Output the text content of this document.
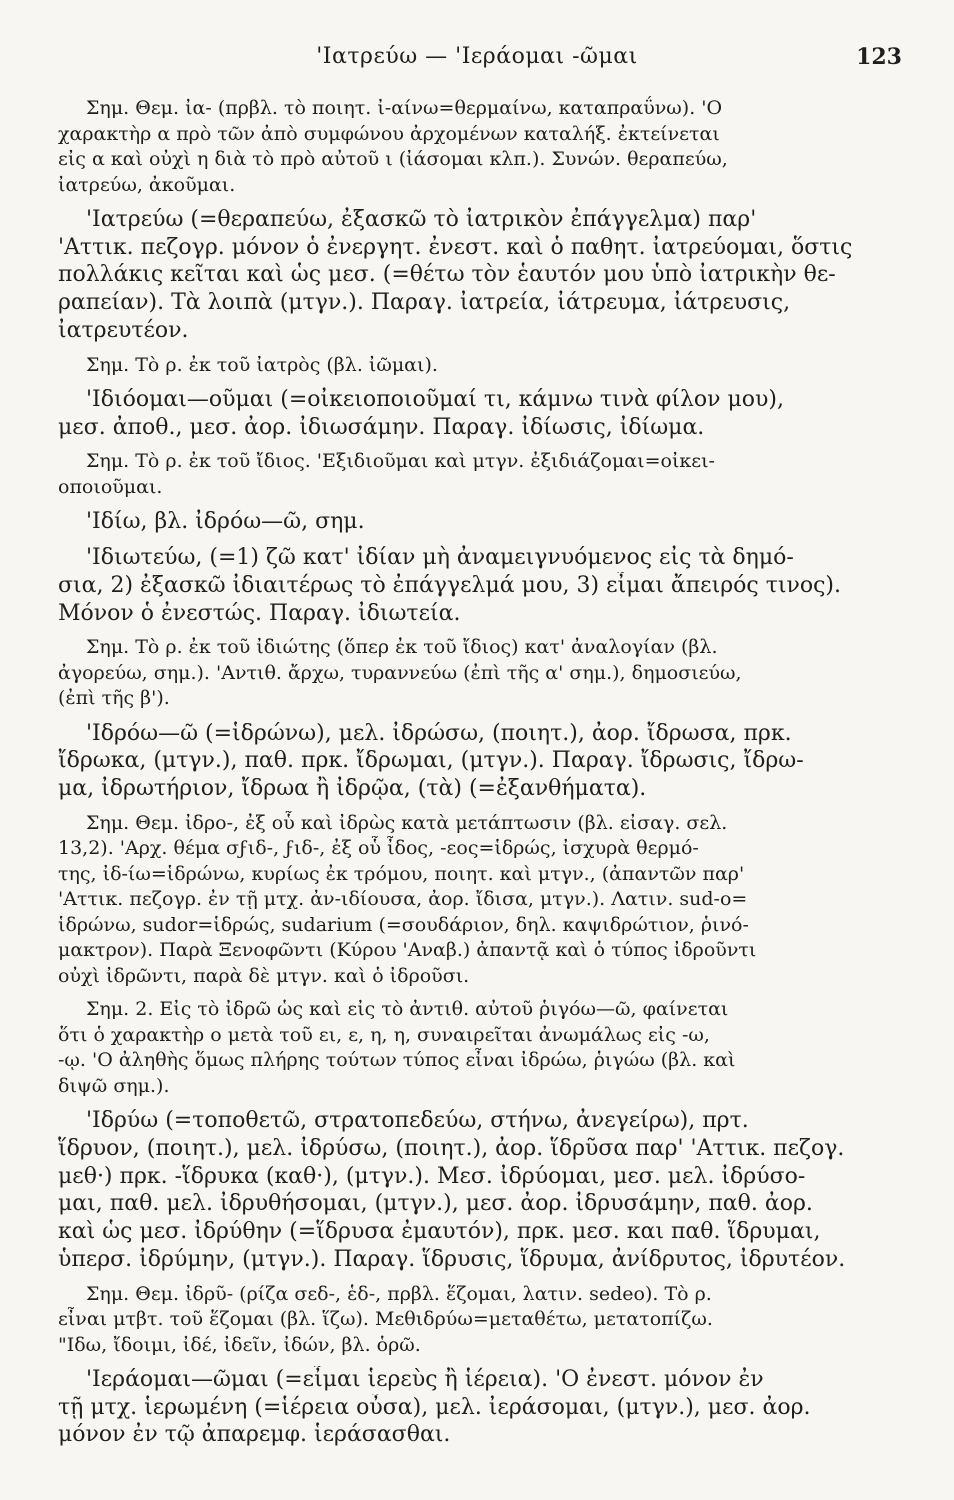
'Ιατρεύω — 'Ιεράομαι -ῶμαι	123
Σημ. Θεμ. ἰα- (πρβλ. τὸ ποιητ. ἰ-αίνω=θερμαίνω, καταπραΰνω). 'Ο
χαρακτὴρ α πρὸ τῶν ἀπὸ συμφώνου ἀρχομένων καταλήξ. ἐκτείνεται
εἰς α καὶ οὐχὶ η διὰ τὸ πρὸ αὐτοῦ ι (ἰάσομαι κλπ.). Συνών. θεραπεύω,
ἰατρεύω, ἀκοῦμαι.
'Ιατρεύω (=θεραπεύω, ἐξασκῶ τὸ ἰατρικὸν ἐπάγγελμα) παρ'
'Αττικ. πεζογρ. μόνον ὁ ἐνεργητ. ἐνεστ. καὶ ὁ παθητ. ἰατρεύομαι, ὅστις
πολλάκις κεῖται καὶ ὡς μεσ. (=θέτω τὸν ἑαυτόν μου ὑπὸ ἰατρικὴν θε-
ραπείαν). Τὰ λοιπὰ (μτγν.). Παραγ. ἰατρεία, ἰάτρευμα, ἰάτρευσις,
ἰατρευτέον.
Σημ. Τὸ ρ. ἐκ τοῦ ἰατρὸς (βλ. ἰῶμαι).
'Ιδιόομαι—οῦμαι (=οἰκειοποιοῦμαί τι, κάμνω τινὰ φίλον μου),
μεσ. ἀποθ., μεσ. ἀορ. ἰδιωσάμην. Παραγ. ἰδίωσις, ἰδίωμα.
Σημ. Τὸ ρ. ἐκ τοῦ ἴδιος. 'Εξιδιοῦμαι καὶ μτγν. ἐξιδιάζομαι=οἰκει-
οποιοῦμαι.
'Ιδίω, βλ. ἰδρόω—ῶ, σημ.
'Ιδιωτεύω, (=1) ζῶ κατ' ἰδίαν μὴ ἀναμειγνυόμενος εἰς τὰ δημό-
σια, 2) ἐξασκῶ ἰδιαιτέρως τὸ ἐπάγγελμά μου, 3) εἶμαι ἄπειρός τινος).
Μόνον ὁ ἐνεστώς. Παραγ. ἰδιωτεία.
Σημ. Τὸ ρ. ἐκ τοῦ ἰδιώτης (ὅπερ ἐκ τοῦ ἴδιος) κατ' ἀναλογίαν (βλ.
ἀγορεύω, σημ.). 'Αντιθ. ἄρχω, τυραννεύω (ἐπὶ τῆς α' σημ.), δημοσιεύω,
(ἐπὶ τῆς β').
'Ιδρόω—ῶ (=ἱδρώνω), μελ. ἰδρώσω, (ποιητ.), ἀορ. ἴδρωσα, πρκ.
ἴδρωκα, (μτγν.), παθ. πρκ. ἴδρωμαι, (μτγν.). Παραγ. ἴδρωσις, ἴδρω-
μα, ἰδρωτήριον, ἴδρωα ἢ ἰδρῷα, (τὰ) (=ἐξανθήματα).
Σημ. Θεμ. ἰδρο-, ἐξ οὗ καὶ ἰδρὼς κατὰ μετάπτωσιν (βλ. εἰσαγ. σελ.
13,2). 'Αρχ. θέμα σϝιδ-, ϝιδ-, ἐξ οὗ ἶδος, -εος=ἱδρώς, ἰσχυρὰ θερμό-
της, ἰδ-ίω=ἱδρώνω, κυρίως ἐκ τρόμου, ποιητ. καὶ μτγν., (ἀπαντῶν παρ'
'Αττικ. πεζογρ. ἐν τῇ μτχ. ἀν-ιδίουσα, ἀορ. ἴδισα, μτγν.). Λατιν. sud-o=
ἱδρώνω, sudor=ἱδρώς, sudarium (=σουδάριον, δηλ. καψιδρώτιον, ῥινό-
μακτρον). Παρὰ Ξενοφῶντι (Κύρου 'Αναβ.) ἀπαντᾷ καὶ ὁ τύπος ἰδροῦντι
οὐχὶ ἰδρῶντι, παρὰ δὲ μτγν. καὶ ὁ ἰδροῦσι.
Σημ. 2. Εἰς τὸ ἰδρῶ ὡς καὶ εἰς τὸ ἀντιθ. αὐτοῦ ῥιγόω—ῶ, φαίνεται
ὅτι ὁ χαρακτὴρ ο μετὰ τοῦ ει, ε, η, η, συναιρεῖται ἀνωμάλως εἰς -ω,
-ῳ. 'Ο ἀληθὴς ὅμως πλήρης τούτων τύπος εἶναι ἰδρώω, ῥιγώω (βλ. καὶ
διψῶ σημ.).
'Ιδρύω (=τοποθετῶ, στρατοπεδεύω, στήνω, ἀνεγείρω), πρτ.
ἵδρυον, (ποιητ.), μελ. ἰδρύσω, (ποιητ.), ἀορ. ἵδρῦσα παρ' 'Αττικ. πεζογ.
μεθ·) πρκ. -ἵδρυκα (καθ·), (μτγν.). Μεσ. ἰδρύομαι, μεσ. μελ. ἰδρύσο-
μαι, παθ. μελ. ἰδρυθήσομαι, (μτγν.), μεσ. ἀορ. ἰδρυσάμην, παθ. ἀορ.
καὶ ὡς μεσ. ἰδρύθην (=ἵδρυσα ἐμαυτόν), πρκ. μεσ. και παθ. ἵδρυμαι,
ὑπερσ. ἰδρύμην, (μτγν.). Παραγ. ἵδρυσις, ἵδρυμα, ἀνίδρυτος, ἰδρυτέον.
Σημ. Θεμ. ἰδρῦ- (ρίζα σεδ-, ἑδ-, πρβλ. ἕζομαι, λατιν. sedeo). Τὸ ρ.
εἶναι μτβτ. τοῦ ἕζομαι (βλ. ἵζω). Μεθιδρύω=μεταθέτω, μετατοπίζω.
"Ιδω, ἴδοιμι, ἰδέ, ἰδεῖν, ἰδών, βλ. ὁρῶ.
'Ιεράομαι—ῶμαι (=εἶμαι ἱερεὺς ἢ ἱέρεια). 'Ο ἐνεστ. μόνον ἐν
τῇ μτχ. ἱερωμένη (=ἱέρεια οὖσα), μελ. ἰεράσομαι, (μτγν.), μεσ. ἀορ.
μόνον ἐν τῷ ἀπαρεμφ. ἱεράσασθαι.
